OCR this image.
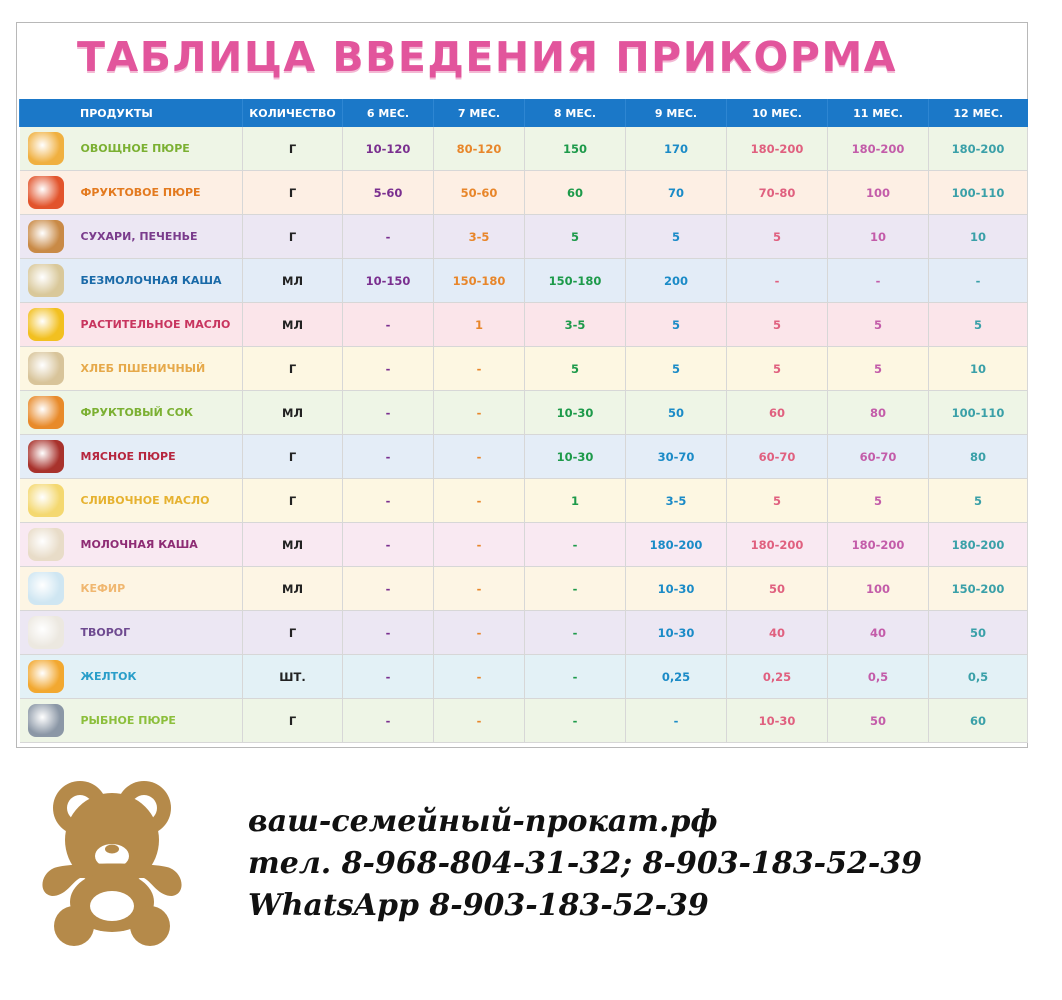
ТАБЛИЦА ВВЕДЕНИЯ ПРИКОРМА
ПРОДУКТЫ	КОЛИЧЕСТВО	6 МЕС.	7 МЕС.	8 МЕС.	9 МЕС.	10 МЕС.	11 МЕС.	12 МЕС.

ОВОЩНОЕ ПЮРЕ	Г	10-120	80-120	150	170	180-200	180-200	180-200

ФРУКТОВОЕ ПЮРЕ	Г	5-60	50-60	60	70	70-80	100	100-110

СУХАРИ, ПЕЧЕНЬЕ	Г	-	3-5	5	5	5	10	10

БЕЗМОЛОЧНАЯ КАША	МЛ	10-150	150-180	150-180	200	-	-	-

РАСТИТЕЛЬНОЕ МАСЛО	МЛ	-	1	3-5	5	5	5	5

ХЛЕБ ПШЕНИЧНЫЙ	Г	-	-	5	5	5	5	10

ФРУКТОВЫЙ СОК	МЛ	-	-	10-30	50	60	80	100-110

МЯСНОЕ ПЮРЕ	Г	-	-	10-30	30-70	60-70	60-70	80

СЛИВОЧНОЕ МАСЛО	Г	-	-	1	3-5	5	5	5

МОЛОЧНАЯ КАША	МЛ	-	-	-	180-200	180-200	180-200	180-200

КЕФИР	МЛ	-	-	-	10-30	50	100	150-200

ТВОРОГ	Г	-	-	-	10-30	40	40	50

ЖЕЛТОК	ШТ.	-	-	-	0,25	0,25	0,5	0,5

РЫБНОЕ ПЮРЕ	Г	-	-	-	-	10-30	50	60
ваш-семейный-прокат.рф
тел. 8-968-804-31-32; 8-903-183-52-39
WhatsApp 8-903-183-52-39
